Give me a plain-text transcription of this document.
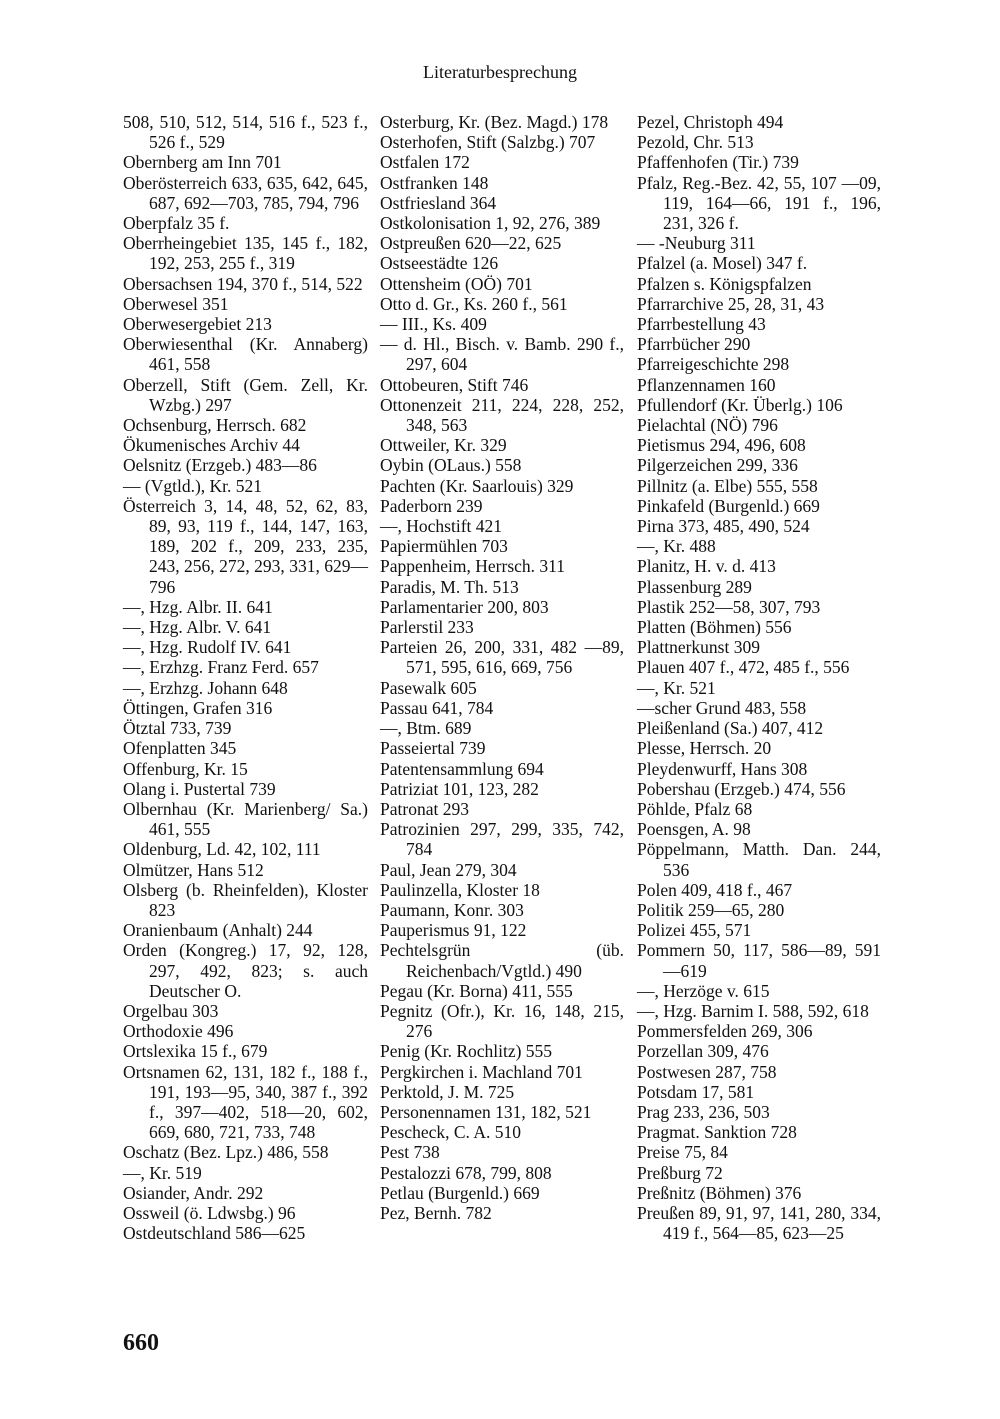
Literaturbesprechung
508, 510, 512, 514, 516 f., 523 f., 526 f., 529
Obernberg am Inn 701
Oberösterreich 633, 635, 642, 645, 687, 692—703, 785, 794, 796
Oberpfalz 35 f.
Oberrheingebiet 135, 145 f., 182, 192, 253, 255 f., 319
Obersachsen 194, 370 f., 514, 522
Oberwesel 351
Oberwesergebiet 213
Oberwiesenthal (Kr. Annaberg) 461, 558
Oberzell, Stift (Gem. Zell, Kr. Wzbg.) 297
Ochsenburg, Herrsch. 682
Ökumenisches Archiv 44
Oelsnitz (Erzgeb.) 483—86
— (Vgtld.), Kr. 521
Österreich 3, 14, 48, 52, 62, 83, 89, 93, 119 f., 144, 147, 163, 189, 202 f., 209, 233, 235, 243, 256, 272, 293, 331, 629—796
—, Hzg. Albr. II. 641
—, Hzg. Albr. V. 641
—, Hzg. Rudolf IV. 641
—, Erzhzg. Franz Ferd. 657
—, Erzhzg. Johann 648
Öttingen, Grafen 316
Ötztal 733, 739
Ofenplatten 345
Offenburg, Kr. 15
Olang i. Pustertal 739
Olbernhau (Kr. Marienberg/ Sa.) 461, 555
Oldenburg, Ld. 42, 102, 111
Olmützer, Hans 512
Olsberg (b. Rheinfelden), Kloster 823
Oranienbaum (Anhalt) 244
Orden (Kongreg.) 17, 92, 128, 297, 492, 823; s. auch Deutscher O.
Orgelbau 303
Orthodoxie 496
Ortslexika 15 f., 679
Ortsnamen 62, 131, 182 f., 188 f., 191, 193—95, 340, 387 f., 392 f., 397—402, 518—20, 602, 669, 680, 721, 733, 748
Oschatz (Bez. Lpz.) 486, 558
—, Kr. 519
Osiander, Andr. 292
Ossweil (ö. Ldwsbg.) 96
Ostdeutschland 586—625
Osterburg, Kr. (Bez. Magd.) 178
Osterhofen, Stift (Salzbg.) 707
Ostfalen 172
Ostfranken 148
Ostfriesland 364
Ostkolonisation 1, 92, 276, 389
Ostpreußen 620—22, 625
Ostseestädte 126
Ottensheim (OÖ) 701
Otto d. Gr., Ks. 260 f., 561
— III., Ks. 409
— d. Hl., Bisch. v. Bamb. 290 f., 297, 604
Ottobeuren, Stift 746
Ottonenzeit 211, 224, 228, 252, 348, 563
Ottweiler, Kr. 329
Oybin (OLaus.) 558
Pachten (Kr. Saarlouis) 329
Paderborn 239
—, Hochstift 421
Papiermühlen 703
Pappenheim, Herrsch. 311
Paradis, M. Th. 513
Parlamentarier 200, 803
Parlerstil 233
Parteien 26, 200, 331, 482 —89, 571, 595, 616, 669, 756
Pasewalk 605
Passau 641, 784
—, Btm. 689
Passeiertal 739
Patentensammlung 694
Patriziat 101, 123, 282
Patronat 293
Patrozinien 297, 299, 335, 742, 784
Paul, Jean 279, 304
Paulinzella, Kloster 18
Paumann, Konr. 303
Pauperismus 91, 122
Pechtelsgrün (üb. Reichenbach/Vgtld.) 490
Pegau (Kr. Borna) 411, 555
Pegnitz (Ofr.), Kr. 16, 148, 215, 276
Penig (Kr. Rochlitz) 555
Pergkirchen i. Machland 701
Perktold, J. M. 725
Personennamen 131, 182, 521
Pescheck, C. A. 510
Pest 738
Pestalozzi 678, 799, 808
Petlau (Burgenld.) 669
Pez, Bernh. 782
Pezel, Christoph 494
Pezold, Chr. 513
Pfaffenhofen (Tir.) 739
Pfalz, Reg.-Bez. 42, 55, 107 —09, 119, 164—66, 191 f., 196, 231, 326 f.
— -Neuburg 311
Pfalzel (a. Mosel) 347 f.
Pfalzen s. Königspfalzen
Pfarrarchive 25, 28, 31, 43
Pfarrbestellung 43
Pfarrbücher 290
Pfarreigeschichte 298
Pflanzennamen 160
Pfullendorf (Kr. Überlg.) 106
Pielachtal (NÖ) 796
Pietismus 294, 496, 608
Pilgerzeichen 299, 336
Pillnitz (a. Elbe) 555, 558
Pinkafeld (Burgenld.) 669
Pirna 373, 485, 490, 524
—, Kr. 488
Planitz, H. v. d. 413
Plassenburg 289
Plastik 252—58, 307, 793
Platten (Böhmen) 556
Plattnerkunst 309
Plauen 407 f., 472, 485 f., 556
—, Kr. 521
—scher Grund 483, 558
Pleißenland (Sa.) 407, 412
Plesse, Herrsch. 20
Pleydenwurff, Hans 308
Pobershau (Erzgeb.) 474, 556
Pöhlde, Pfalz 68
Poensgen, A. 98
Pöppelmann, Matth. Dan. 244, 536
Polen 409, 418 f., 467
Politik 259—65, 280
Polizei 455, 571
Pommern 50, 117, 586—89, 591—619
—, Herzöge v. 615
—, Hzg. Barnim I. 588, 592, 618
Pommersfelden 269, 306
Porzellan 309, 476
Postwesen 287, 758
Potsdam 17, 581
Prag 233, 236, 503
Pragmat. Sanktion 728
Preise 75, 84
Preßburg 72
Preßnitz (Böhmen) 376
Preußen 89, 91, 97, 141, 280, 334, 419 f., 564—85, 623—25
660
